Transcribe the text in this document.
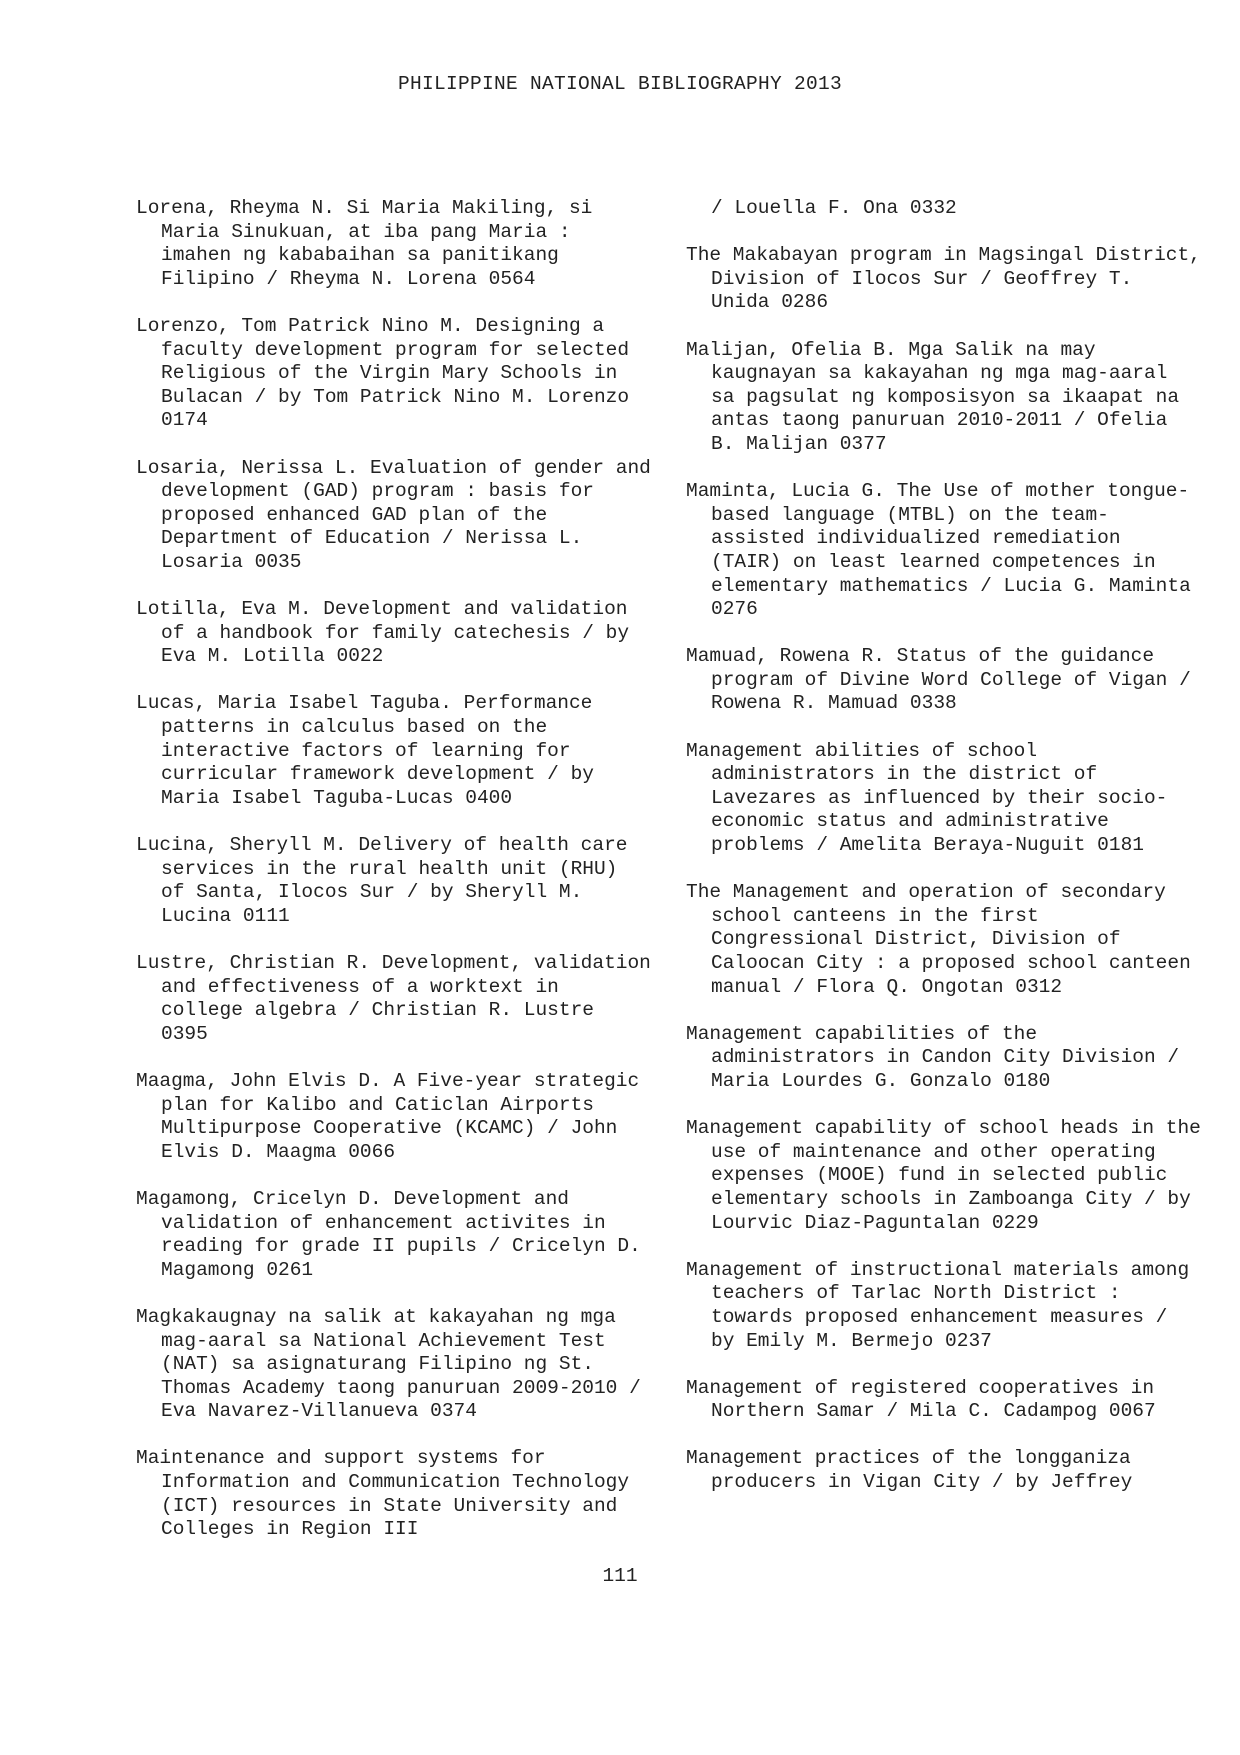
PHILIPPINE NATIONAL BIBLIOGRAPHY 2013

Lorena, Rheyma N. Si Maria Makiling, si Maria Sinukuan, at iba pang Maria : imahen ng kababaihan sa panitikang Filipino / Rheyma N. Lorena 0564

Lorenzo, Tom Patrick Nino M. Designing a faculty development program for selected Religious of the Virgin Mary Schools in Bulacan / by Tom Patrick Nino M. Lorenzo 0174

Losaria, Nerissa L. Evaluation of gender and development (GAD) program : basis for proposed enhanced GAD plan of the Department of Education / Nerissa L. Losaria 0035

Lotilla, Eva M. Development and validation of a handbook for family catechesis / by Eva M. Lotilla 0022

Lucas, Maria Isabel Taguba. Performance patterns in calculus based on the interactive factors of learning for curricular framework development / by Maria Isabel Taguba-Lucas 0400

Lucina, Sheryll M. Delivery of health care services in the rural health unit (RHU) of Santa, Ilocos Sur / by Sheryll M. Lucina 0111

Lustre, Christian R. Development, validation and effectiveness of a worktext in college algebra / Christian R. Lustre 0395

Maagma, John Elvis D. A Five-year strategic plan for Kalibo and Caticlan Airports Multipurpose Cooperative (KCAMC) / John Elvis D. Maagma 0066

Magamong, Cricelyn D. Development and validation of enhancement activites in reading for grade II pupils / Cricelyn D. Magamong 0261

Magkakaugnay na salik at kakayahan ng mga mag-aaral sa National Achievement Test (NAT) sa asignaturang Filipino ng St. Thomas Academy taong panuruan 2009-2010 / Eva Navarez-Villanueva 0374

Maintenance and support systems for Information and Communication Technology (ICT) resources in State University and Colleges in Region III

/ Louella F. Ona 0332

The Makabayan program in Magsingal District, Division of Ilocos Sur / Geoffrey T. Unida 0286

Malijan, Ofelia B. Mga Salik na may kaugnayan sa kakayahan ng mga mag-aaral sa pagsulat ng komposisyon sa ikaapat na antas taong panuruan 2010-2011 / Ofelia B. Malijan 0377

Maminta, Lucia G. The Use of mother tongue-based language (MTBL) on the team-assisted individualized remediation (TAIR) on least learned competences in elementary mathematics / Lucia G. Maminta 0276

Mamuad, Rowena R. Status of the guidance program of Divine Word College of Vigan / Rowena R. Mamuad 0338

Management abilities of school administrators in the district of Lavezares as influenced by their socio-economic status and administrative problems / Amelita Beraya-Nuguit 0181

The Management and operation of secondary school canteens in the first Congressional District, Division of Caloocan City : a proposed school canteen manual / Flora Q. Ongotan 0312

Management capabilities of the administrators in Candon City Division / Maria Lourdes G. Gonzalo 0180

Management capability of school heads in the use of maintenance and other operating expenses (MOOE) fund in selected public elementary schools in Zamboanga City / by Lourvic Diaz-Paguntalan 0229

Management of instructional materials among teachers of Tarlac North District : towards proposed enhancement measures / by Emily M. Bermejo 0237

Management of registered cooperatives in Northern Samar / Mila C. Cadampog 0067

Management practices of the longganiza producers in Vigan City / by Jeffrey

111
